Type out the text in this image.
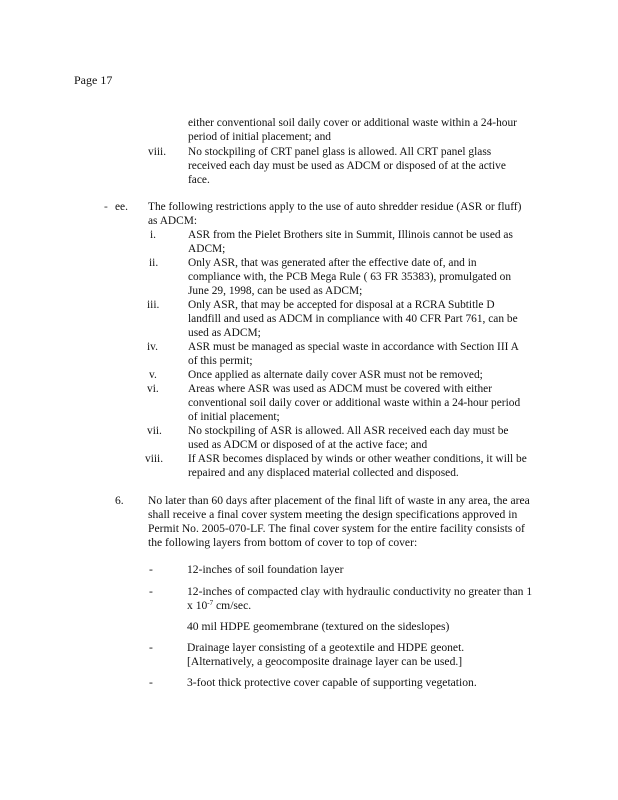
Page 17
either conventional soil daily cover or additional waste within a 24-hour
period of initial placement; and
viii. No stockpiling of CRT panel glass is allowed. All CRT panel glass
received each day must be used as ADCM or disposed of at the active
face.
- ee. The following restrictions apply to the use of auto shredder residue (ASR or fluff)
as ADCM:
i.	ASR from the Pielet Brothers site in Summit, Illinois cannot be used as
ADCM;
ii.	Only ASR, that was generated after the effective date of, and in
compliance with, the PCB Mega Rule ( 63 FR 35383), promulgated on
June 29, 1998, can be used as ADCM;
iii.	Only ASR, that may be accepted for disposal at a RCRA Subtitle D
landfill and used as ADCM in compliance with 40 CFR Part 761, can be
used as ADCM;
iv.	ASR must be managed as special waste in accordance with Section III A
of this permit;
v.	Once applied as alternate daily cover ASR must not be removed;
vi.	Areas where ASR was used as ADCM must be covered with either
conventional soil daily cover or additional waste within a 24-hour period
of initial placement;
vii. No stockpiling of ASR is allowed. All ASR received each day must be
used as ADCM or disposed of at the active face; and
viii. If ASR becomes displaced by winds or other weather conditions, it will be
repaired and any displaced material collected and disposed.
6. No later than 60 days after placement of the final lift of waste in any area, the area
shall receive a final cover system meeting the design specifications approved in
Permit No. 2005-070-LF. The final cover system for the entire facility consists of
the following layers from bottom of cover to top of cover:
-	12-inches of soil foundation layer
-	12-inches of compacted clay with hydraulic conductivity no greater than 1
x $10^{-7}$ cm/sec.
40 mil HDPE geomembrane (textured on the sideslopes)
-	Drainage layer consisting of a geotextile and HDPE geonet.
[Alternatively, a geocomposite drainage layer can be used.]
-	3-foot thick protective cover capable of supporting vegetation.
